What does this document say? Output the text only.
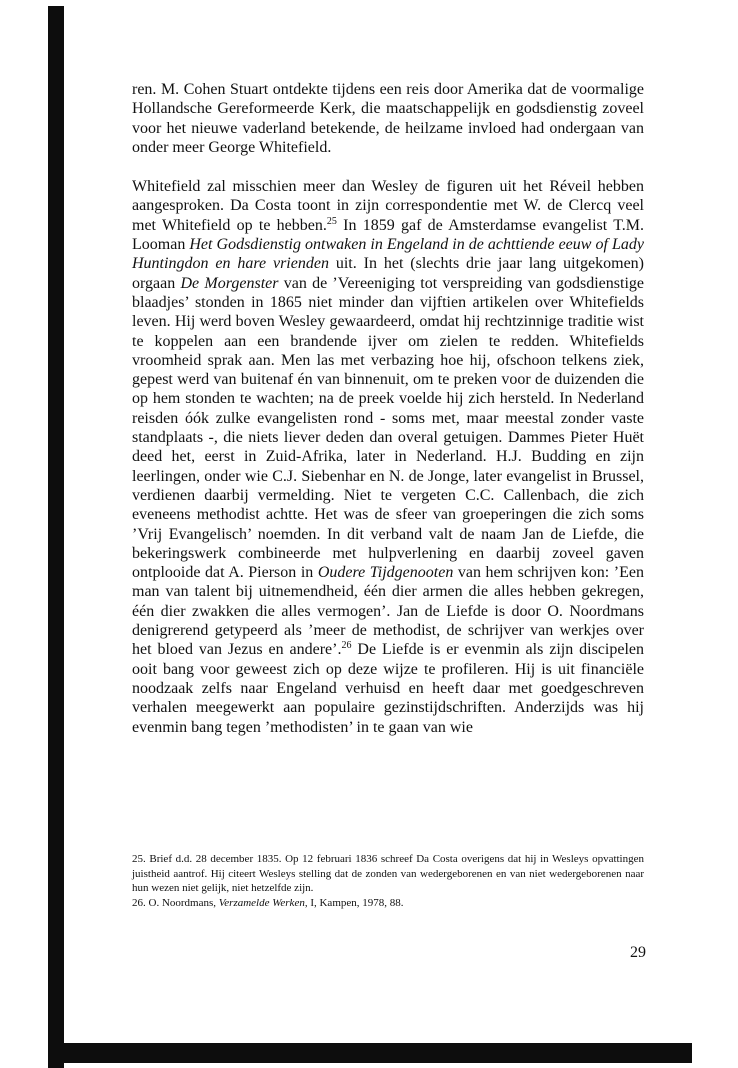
ren. M. Cohen Stuart ontdekte tijdens een reis door Amerika dat de voormalige Hollandsche Gereformeerde Kerk, die maatschappelijk en godsdienstig zoveel voor het nieuwe vaderland betekende, de heilzame invloed had ondergaan van onder meer George Whitefield.

Whitefield zal misschien meer dan Wesley de figuren uit het Réveil hebben aangesproken. Da Costa toont in zijn correspondentie met W. de Clercq veel met Whitefield op te hebben.$^{25}$ In 1859 gaf de Amsterdamse evangelist T.M. Looman Het Godsdienstig ontwaken in Engeland in de achttiende eeuw of Lady Huntingdon en hare vrienden uit. In het (slechts drie jaar lang uitgekomen) orgaan De Morgenster van de ’Vereeniging tot verspreiding van godsdienstige blaadjes’ stonden in 1865 niet minder dan vijftien artikelen over Whitefields leven. Hij werd boven Wesley gewaardeerd, omdat hij rechtzinnige traditie wist te koppelen aan een brandende ijver om zielen te redden. Whitefields vroomheid sprak aan. Men las met verbazing hoe hij, ofschoon telkens ziek, gepest werd van buitenaf én van binnenuit, om te preken voor de duizenden die op hem stonden te wachten; na de preek voelde hij zich hersteld. In Nederland reisden óók zulke evangelisten rond - soms met, maar meestal zonder vaste standplaats -, die niets liever deden dan overal getuigen. Dammes Pieter Huët deed het, eerst in Zuid-Afrika, later in Nederland. H.J. Budding en zijn leerlingen, onder wie C.J. Siebenhar en N. de Jonge, later evangelist in Brussel, verdienen daarbij vermelding. Niet te vergeten C.C. Callenbach, die zich eveneens methodist achtte. Het was de sfeer van groeperingen die zich soms ’Vrij Evangelisch’ noemden. In dit verband valt de naam Jan de Liefde, die bekeringswerk combineerde met hulpverlening en daarbij zoveel gaven ontplooide dat A. Pierson in Oudere Tijdgenooten van hem schrijven kon: ’Een man van talent bij uitnemendheid, één dier armen die alles hebben gekregen, één dier zwakken die alles vermogen’. Jan de Liefde is door O. Noordmans denigrerend getypeerd als ’meer de methodist, de schrijver van werkjes over het bloed van Jezus en andere’.$^{26}$ De Liefde is er evenmin als zijn discipelen ooit bang voor geweest zich op deze wijze te profileren. Hij is uit financiële noodzaak zelfs naar Engeland verhuisd en heeft daar met goedgeschreven verhalen meegewerkt aan populaire gezinstijdschriften. Anderzijds was hij evenmin bang tegen ’methodisten’ in te gaan van wie

25. Brief d.d. 28 december 1835. Op 12 februari 1836 schreef Da Costa overigens dat hij in Wesleys opvattingen juistheid aantrof. Hij citeert Wesleys stelling dat de zonden van wedergeborenen en van niet wedergeborenen naar hun wezen niet gelijk, niet hetzelfde zijn.

26. O. Noordmans, Verzamelde Werken, I, Kampen, 1978, 88.

29
